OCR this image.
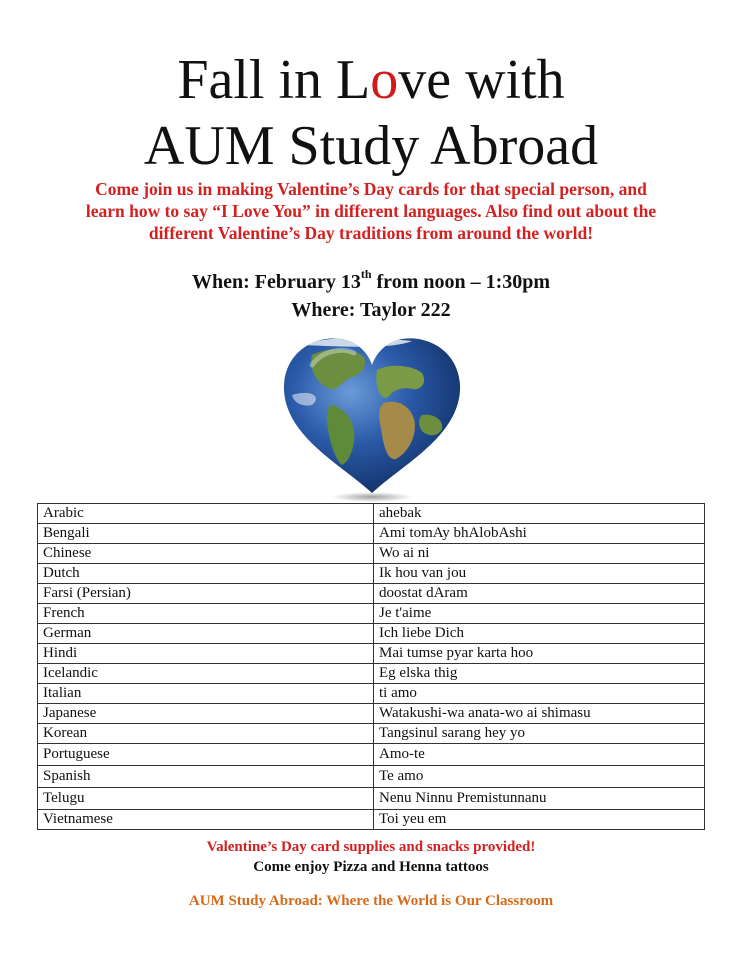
Fall in Love with
AUM Study Abroad

Come join us in making Valentine’s Day cards for that special person, and
learn how to say “I Love You” in different languages. Also find out about the
different Valentine’s Day traditions from around the world!

When: February 13th from noon – 1:30pm

Where: Taylor 222

Arabic	ahebak
Bengali	Ami tomAy bhAlobAshi
Chinese	Wo ai ni
Dutch	Ik hou van jou
Farsi (Persian)	doostat dAram
French	Je t'aime
German	Ich liebe Dich
Hindi	Mai tumse pyar karta hoo
Icelandic	Eg elska thig
Italian	ti amo
Japanese	Watakushi-wa anata-wo ai shimasu
Korean	Tangsinul sarang hey yo
Portuguese	Amo-te
Spanish	Te amo
Telugu	Nenu Ninnu Premistunnanu
Vietnamese	Toi yeu em

Valentine’s Day card supplies and snacks provided!

Come enjoy Pizza and Henna tattoos

AUM Study Abroad: Where the World is Our Classroom
